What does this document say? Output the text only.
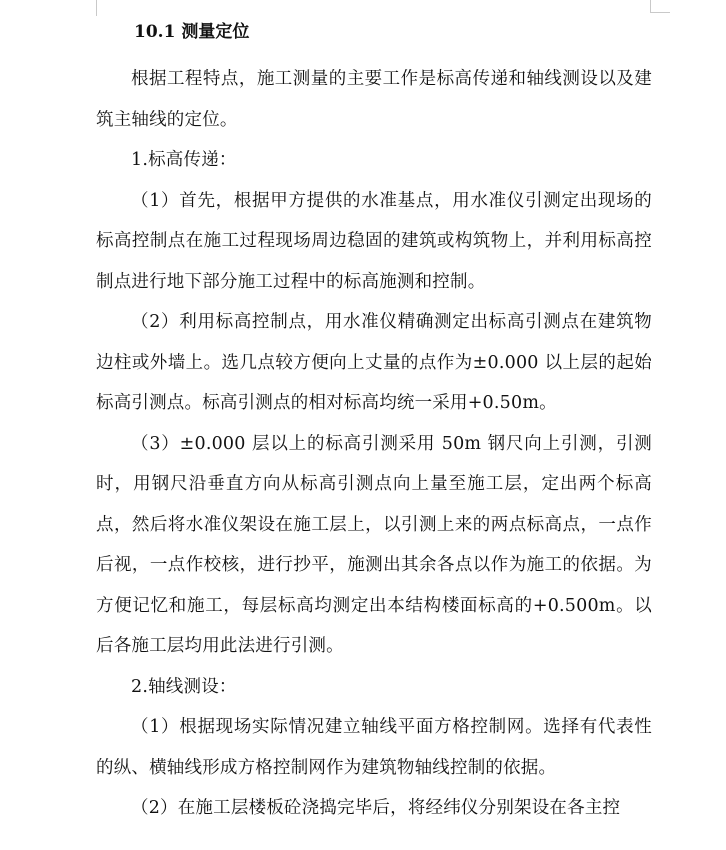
10.1 测量定位

根据工程特点，施工测量的主要工作是标高传递和轴线测设以及建筑主轴线的定位。

1.标高传递：

（1）首先，根据甲方提供的水准基点，用水准仪引测定出现场的标高控制点在施工过程现场周边稳固的建筑或构筑物上，并利用标高控制点进行地下部分施工过程中的标高施测和控制。

（2）利用标高控制点，用水准仪精确测定出标高引测点在建筑物边柱或外墙上。选几点较方便向上丈量的点作为±0.000 以上层的起始标高引测点。标高引测点的相对标高均统一采用+0.50m。

（3）±0.000 层以上的标高引测采用 50m 钢尺向上引测，引测时，用钢尺沿垂直方向从标高引测点向上量至施工层，定出两个标高点，然后将水准仪架设在施工层上，以引测上来的两点标高点，一点作后视，一点作校核，进行抄平，施测出其余各点以作为施工的依据。为方便记忆和施工，每层标高均测定出本结构楼面标高的+0.500m。以后各施工层均用此法进行引测。

2.轴线测设：

（1）根据现场实际情况建立轴线平面方格控制网。选择有代表性的纵、横轴线形成方格控制网作为建筑物轴线控制的依据。

（2）在施工层楼板砼浇捣完毕后，将经纬仪分别架设在各主控
